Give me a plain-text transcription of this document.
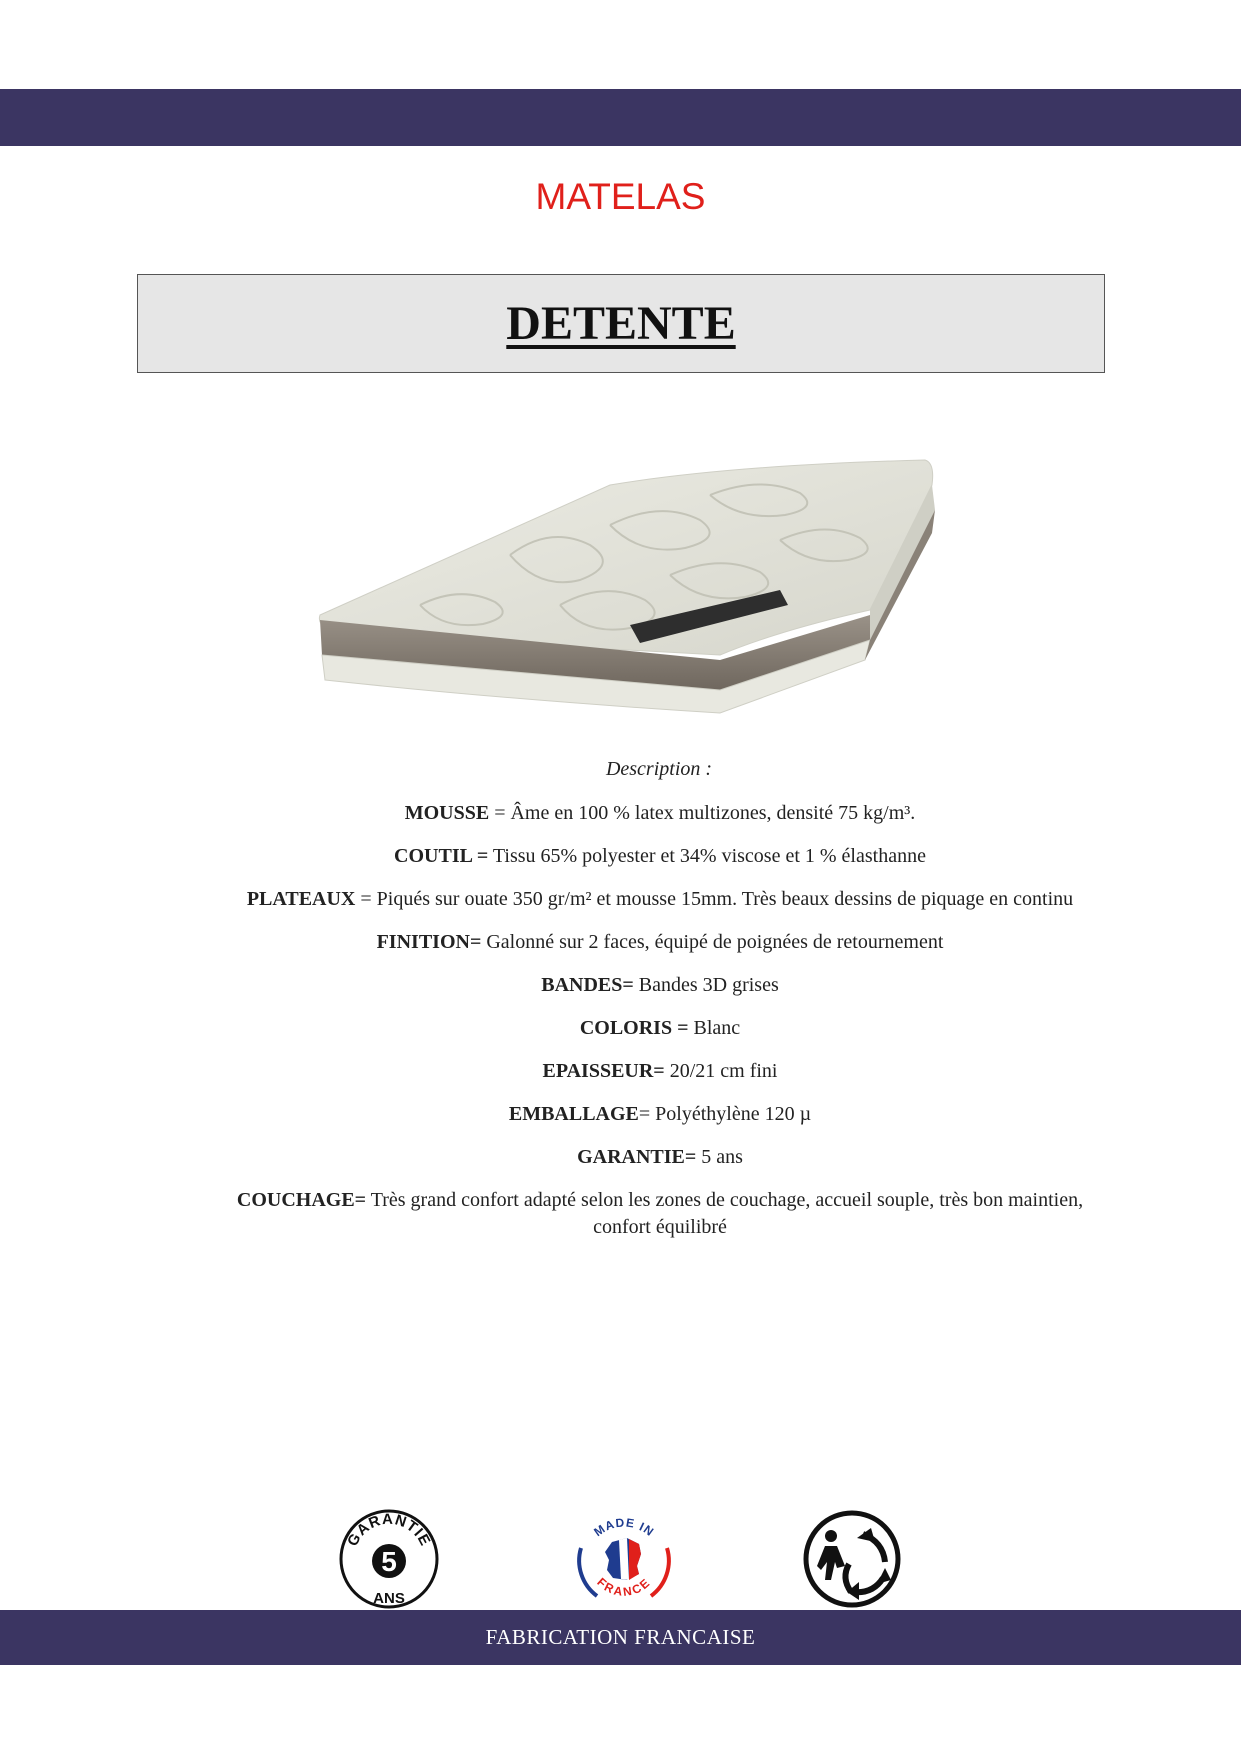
MATELAS
DETENTE
Description :

MOUSSE = Âme en 100 % latex multizones, densité 75 kg/m³.

COUTIL = Tissu 65% polyester et 34% viscose et 1 % élasthanne

PLATEAUX = Piqués sur ouate 350 gr/m² et mousse 15mm. Très beaux dessins de piquage en continu

FINITION= Galonné sur 2 faces, équipé de poignées de retournement

BANDES= Bandes 3D grises

COLORIS = Blanc

EPAISSEUR= 20/21 cm fini

EMBALLAGE= Polyéthylène 120 µ

GARANTIE= 5 ans

COUCHAGE= Très grand confort adapté selon les zones de couchage, accueil souple, très bon maintien, confort équilibré

GARANTIE
5
ANS
MADE IN
FRANCE
FABRICATION FRANCAISE
